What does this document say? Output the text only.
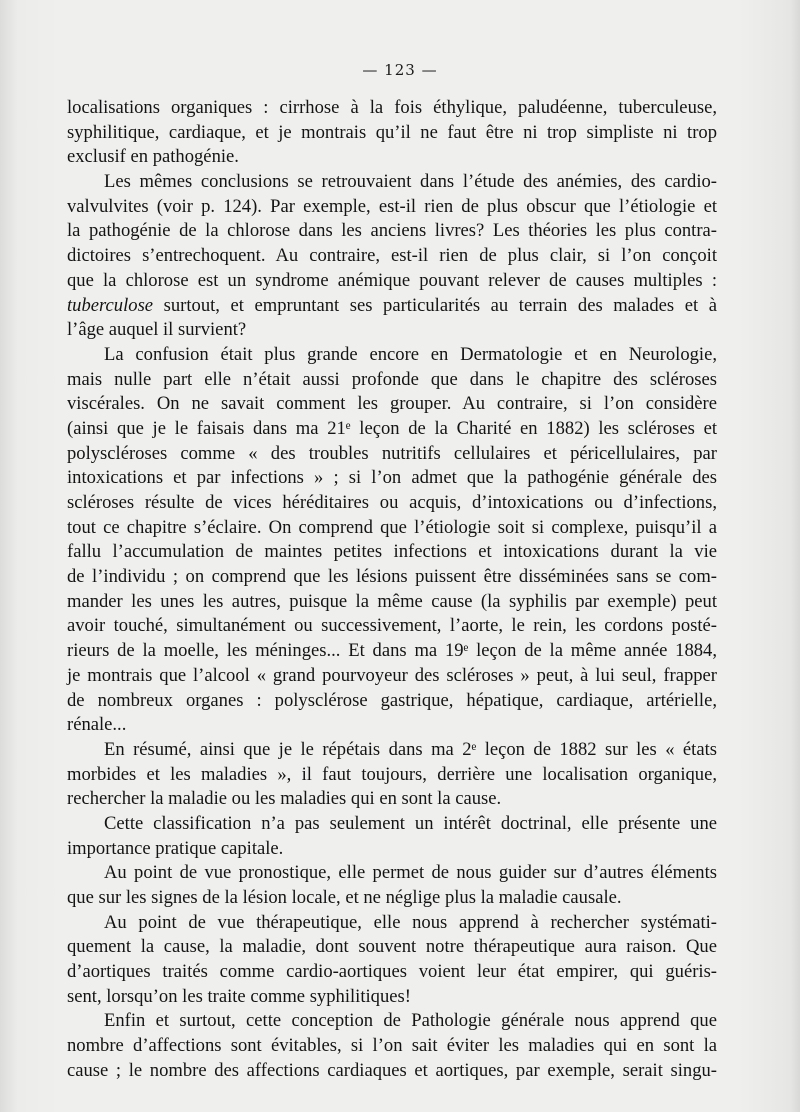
— 123 —
localisations organiques : cirrhose à la fois éthylique, paludéenne, tuberculeuse,
syphilitique, cardiaque, et je montrais qu’il ne faut être ni trop simpliste ni trop
exclusif en pathogénie.
Les mêmes conclusions se retrouvaient dans l’étude des anémies, des cardio-
valvulvites (voir p. 124). Par exemple, est-il rien de plus obscur que l’étiologie et
la pathogénie de la chlorose dans les anciens livres? Les théories les plus contra-
dictoires s’entrechoquent. Au contraire, est-il rien de plus clair, si l’on conçoit
que la chlorose est un syndrome anémique pouvant relever de causes multiples :
tuberculose surtout, et empruntant ses particularités au terrain des malades et à
l’âge auquel il survient?
La confusion était plus grande encore en Dermatologie et en Neurologie,
mais nulle part elle n’était aussi profonde que dans le chapitre des scléroses
viscérales. On ne savait comment les grouper. Au contraire, si l’on considère
(ainsi que je le faisais dans ma 21ᵉ leçon de la Charité en 1882) les scléroses et
polyscléroses comme « des troubles nutritifs cellulaires et péricellulaires, par
intoxications et par infections » ; si l’on admet que la pathogénie générale des
scléroses résulte de vices héréditaires ou acquis, d’intoxications ou d’infections,
tout ce chapitre s’éclaire. On comprend que l’étiologie soit si complexe, puisqu’il a
fallu l’accumulation de maintes petites infections et intoxications durant la vie
de l’individu ; on comprend que les lésions puissent être disséminées sans se com-
mander les unes les autres, puisque la même cause (la syphilis par exemple) peut
avoir touché, simultanément ou successivement, l’aorte, le rein, les cordons posté-
rieurs de la moelle, les méninges... Et dans ma 19ᵉ leçon de la même année 1884,
je montrais que l’alcool « grand pourvoyeur des scléroses » peut, à lui seul, frapper
de nombreux organes : polysclérose gastrique, hépatique, cardiaque, artérielle,
rénale...
En résumé, ainsi que je le répétais dans ma 2ᵉ leçon de 1882 sur les « états
morbides et les maladies », il faut toujours, derrière une localisation organique,
rechercher la maladie ou les maladies qui en sont la cause.
Cette classification n’a pas seulement un intérêt doctrinal, elle présente une
importance pratique capitale.
Au point de vue pronostique, elle permet de nous guider sur d’autres éléments
que sur les signes de la lésion locale, et ne néglige plus la maladie causale.
Au point de vue thérapeutique, elle nous apprend à rechercher systémati-
quement la cause, la maladie, dont souvent notre thérapeutique aura raison. Que
d’aortiques traités comme cardio-aortiques voient leur état empirer, qui guéris-
sent, lorsqu’on les traite comme syphilitiques!
Enfin et surtout, cette conception de Pathologie générale nous apprend que
nombre d’affections sont évitables, si l’on sait éviter les maladies qui en sont la
cause ; le nombre des affections cardiaques et aortiques, par exemple, serait singu-
